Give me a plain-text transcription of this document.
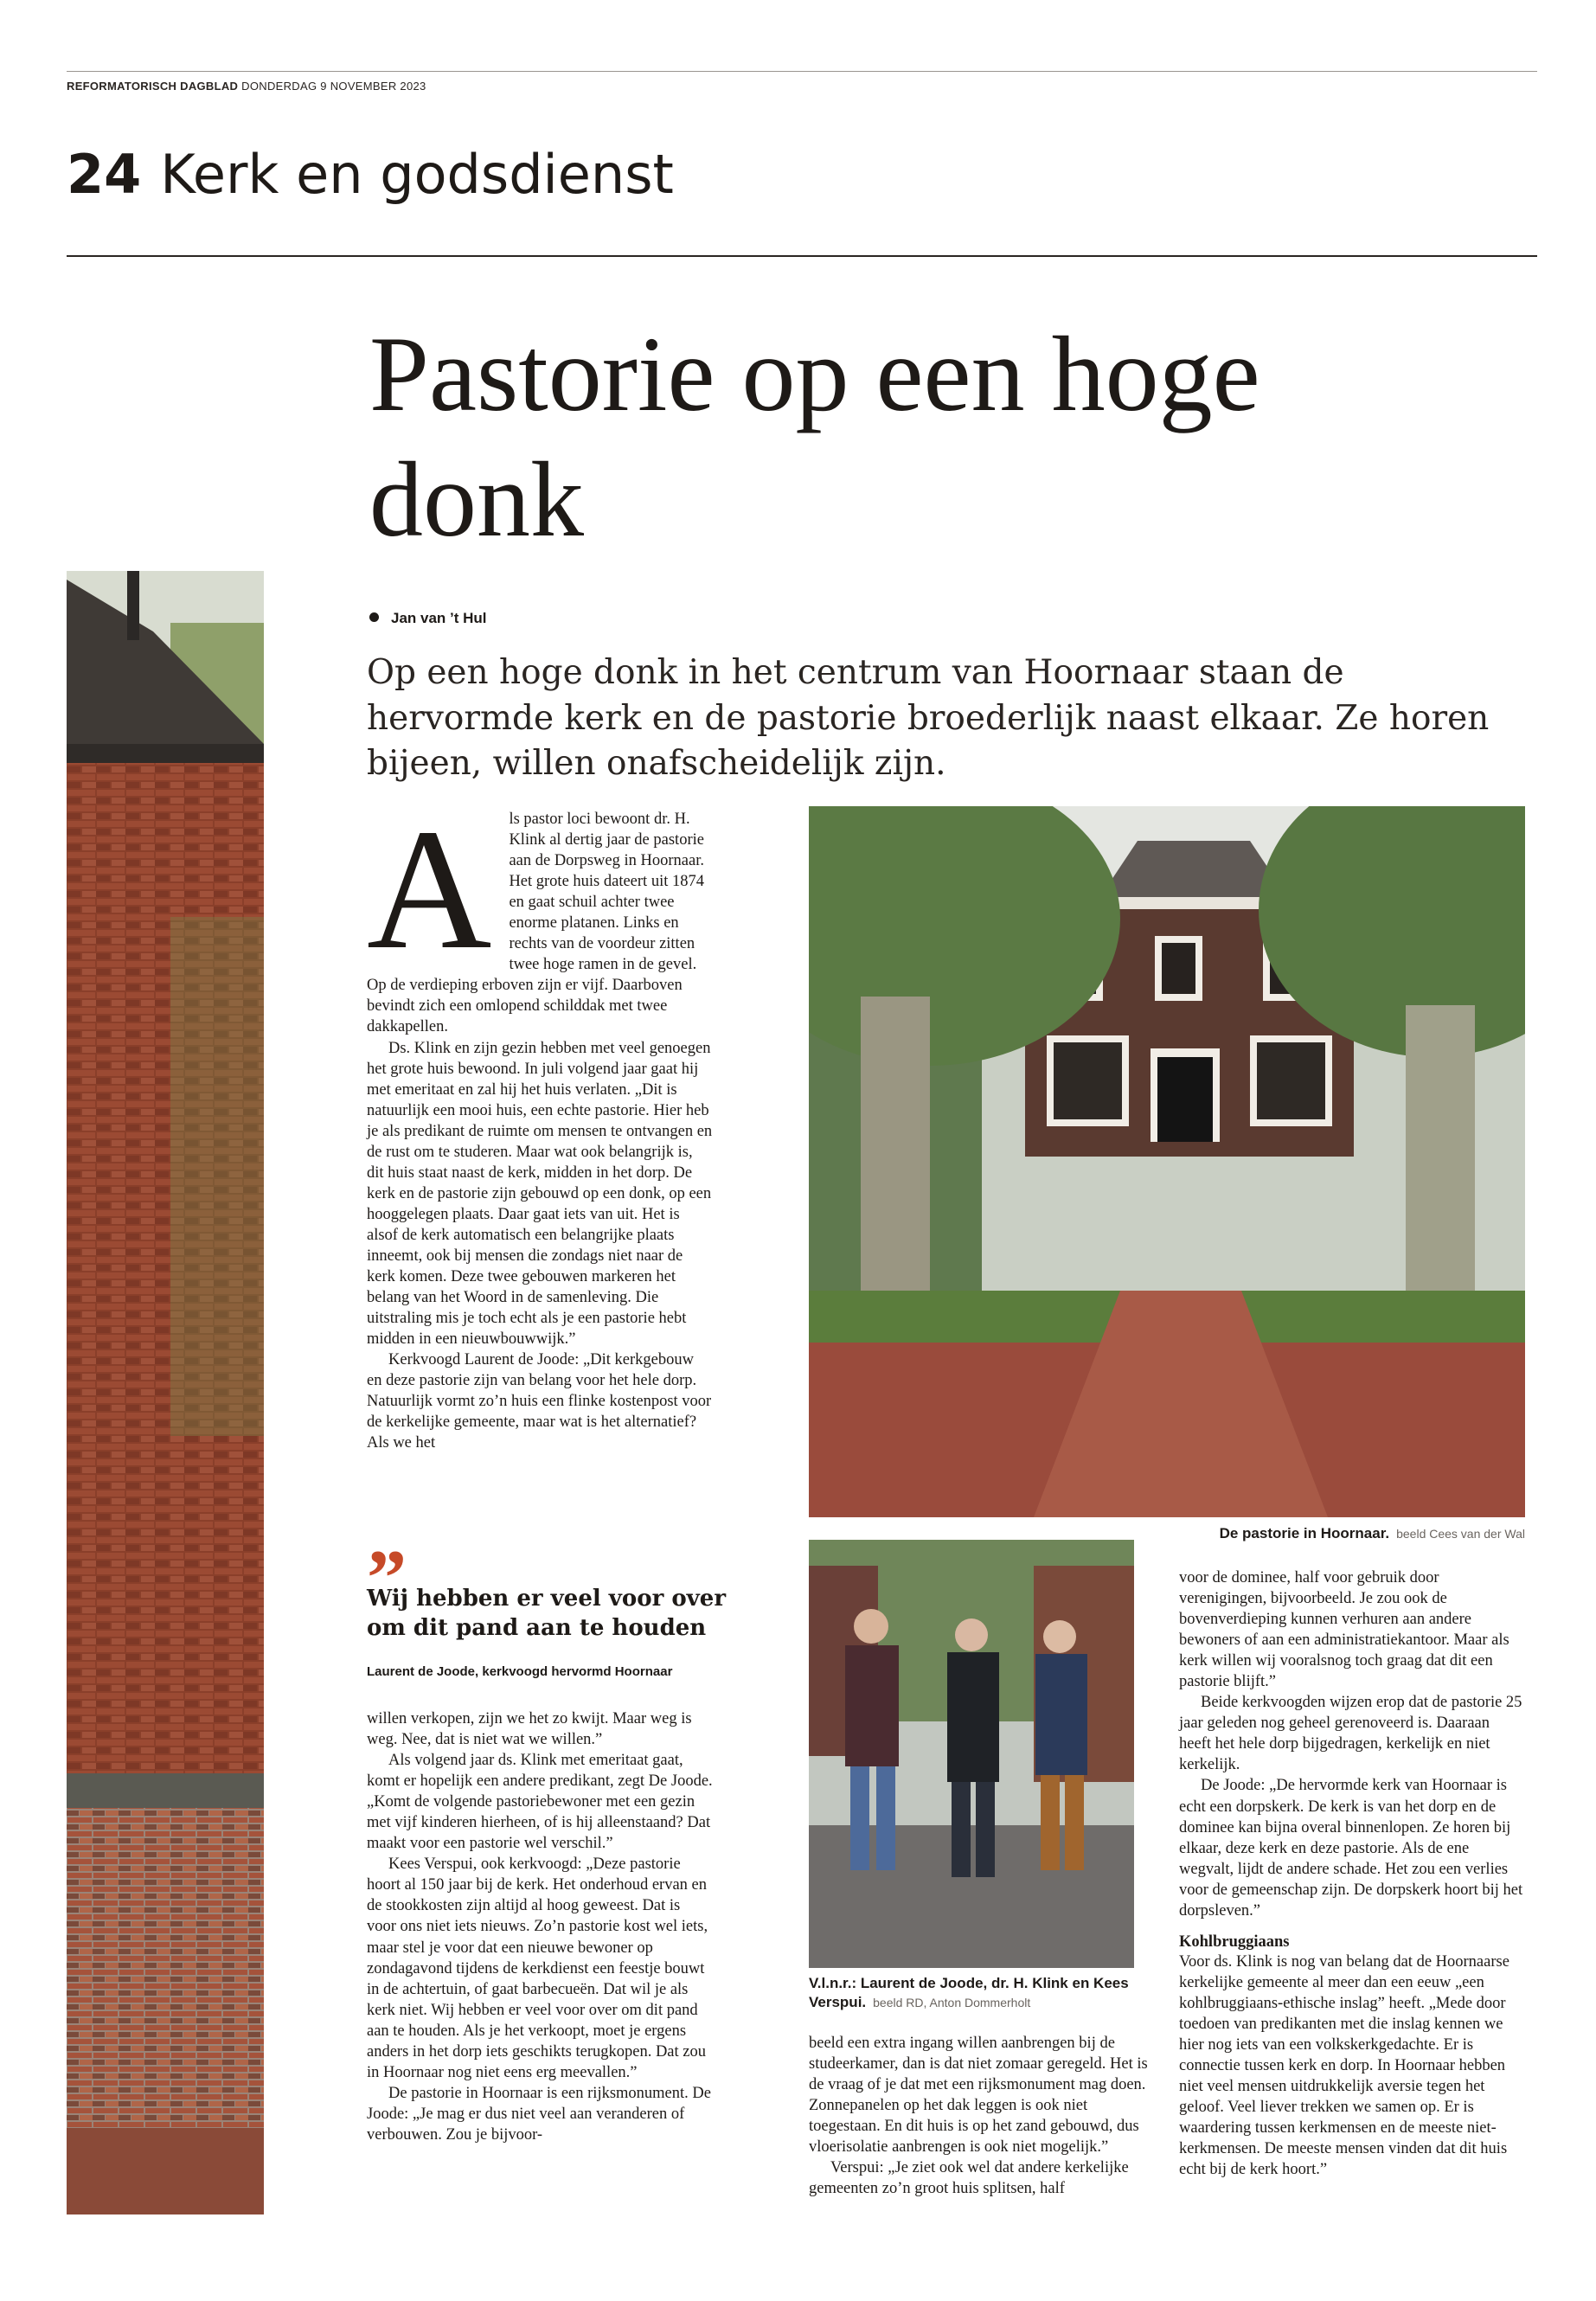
REFORMATORISCH DAGBLAD DONDERDAG 9 NOVEMBER 2023
24 Kerk en godsdienst
Pastorie op een hoge donk
Jan van ’t Hul

Op een hoge donk in het centrum van Hoornaar staan de hervormde kerk en de pastorie broederlijk naast elkaar. Ze horen bijeen, willen onafscheidelijk zijn.

A	ls pastor loci bewoont dr. H. Klink al dertig jaar de pastorie aan de Dorpsweg in Hoornaar. Het grote huis dateert uit 1874 en gaat schuil achter twee enorme platanen. Links en rechts van de voordeur zitten twee hoge ramen in de gevel. Op de verdieping erboven zijn er vijf. Daarboven bevindt zich een omlopend schilddak met twee dakkapellen.

Ds. Klink en zijn gezin hebben met veel genoegen het grote huis bewoond. In juli volgend jaar gaat hij met emeritaat en zal hij het huis verlaten. „Dit is natuurlijk een mooi huis, een echte pastorie. Hier heb je als predikant de ruimte om mensen te ontvangen en de rust om te studeren. Maar wat ook belangrijk is, dit huis staat naast de kerk, midden in het dorp. De kerk en de pastorie zijn gebouwd op een donk, op een hooggelegen plaats. Daar gaat iets van uit. Het is alsof de kerk automatisch een belangrijke plaats inneemt, ook bij mensen die zondags niet naar de kerk komen. Deze twee gebouwen markeren het belang van het Woord in de samenleving. Die uitstraling mis je toch echt als je een pastorie hebt midden in een nieuwbouwwijk.”

Kerkvoogd Laurent de Joode: „Dit kerkgebouw en deze pastorie zijn van belang voor het hele dorp. Natuurlijk vormt zo’n huis een flinke kostenpost voor de kerkelijke gemeente, maar wat is het alternatief? Als we het

”

Wij hebben er veel voor over om dit pand aan te houden

Laurent de Joode, kerkvoogd hervormd Hoornaar

willen verkopen, zijn we het zo kwijt. Maar weg is weg. Nee, dat is niet wat we willen.”

Als volgend jaar ds. Klink met emeritaat gaat, komt er hopelijk een andere predikant, zegt De Joode. „Komt de volgende pastoriebewoner met een gezin met vijf kinderen hierheen, of is hij alleenstaand? Dat maakt voor een pastorie wel verschil.”

Kees Verspui, ook kerkvoogd: „Deze pastorie hoort al 150 jaar bij de kerk. Het onderhoud ervan en de stookkosten zijn altijd al hoog geweest. Dat is voor ons niet iets nieuws. Zo’n pastorie kost wel iets, maar stel je voor dat een nieuwe bewoner op zondagavond tijdens de kerkdienst een feestje bouwt in de achtertuin, of gaat barbecueën. Dat wil je als kerk niet. Wij hebben er veel voor over om dit pand aan te houden. Als je het verkoopt, moet je ergens anders in het dorp iets geschikts terugkopen. Dat zou in Hoornaar nog niet eens erg meevallen.”

De pastorie in Hoornaar is een rijksmonument. De Joode: „Je mag er dus niet veel aan veranderen of verbouwen. Zou je bijvoor-

De pastorie in Hoornaar. beeld Cees van der Wal
V.l.n.r.: Laurent de Joode, dr. H. Klink en Kees Verspui. beeld RD, Anton Dommerholt

beeld een extra ingang willen aanbrengen bij de studeerkamer, dan is dat niet zomaar geregeld. Het is de vraag of je dat met een rijksmonument mag doen. Zonnepanelen op het dak leggen is ook niet toegestaan. En dit huis is op het zand gebouwd, dus vloerisolatie aanbrengen is ook niet mogelijk.”

Verspui: „Je ziet ook wel dat andere kerkelijke gemeenten zo’n groot huis splitsen, half

voor de dominee, half voor gebruik door verenigingen, bijvoorbeeld. Je zou ook de bovenverdieping kunnen verhuren aan andere bewoners of aan een administratiekantoor. Maar als kerk willen wij vooralsnog toch graag dat dit een pastorie blijft.”

Beide kerkvoogden wijzen erop dat de pastorie 25 jaar geleden nog geheel gerenoveerd is. Daaraan heeft het hele dorp bijgedragen, kerkelijk en niet kerkelijk.

De Joode: „De hervormde kerk van Hoornaar is echt een dorpskerk. De kerk is van het dorp en de dominee kan bijna overal binnenlopen. Ze horen bij elkaar, deze kerk en deze pastorie. Als de ene wegvalt, lijdt de andere schade. Het zou een verlies voor de gemeenschap zijn. De dorpskerk hoort bij het dorpsleven.”

Kohlbruggiaans

Voor ds. Klink is nog van belang dat de Hoornaarse kerkelijke gemeente al meer dan een eeuw „een kohlbruggiaans-ethische inslag” heeft. „Mede door toedoen van predikanten met die inslag kennen we hier nog iets van een volkskerkgedachte. Er is connectie tussen kerk en dorp. In Hoornaar hebben niet veel mensen uitdrukkelijk aversie tegen het geloof. Veel liever trekken we samen op. Er is waardering tussen kerkmensen en de meeste niet-kerkmensen. De meeste mensen vinden dat dit huis echt bij de kerk hoort.”
